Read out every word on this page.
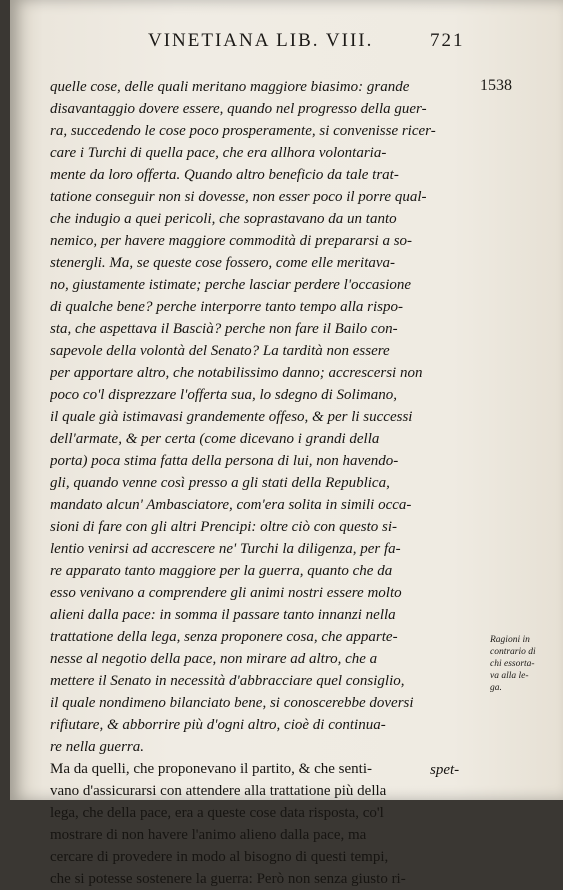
VINETIANA LIB. VIII.	721
1538

quelle cose, delle quali meritano maggiore biasimo: grande
disavantaggio dovere essere, quando nel progresso della guer-
ra, succedendo le cose poco prosperamente, si convenisse ricer-
care i Turchi di quella pace, che era allhora volontaria-
mente da loro offerta. Quando altro beneficio da tale trat-
tatione conseguir non si dovesse, non esser poco il porre qual-
che indugio a quei pericoli, che soprastavano da un tanto
nemico, per havere maggiore commodità di prepararsi a so-
stenergli. Ma, se queste cose fossero, come elle meritava-
no, giustamente istimate; perche lasciar perdere l'occasione
di qualche bene? perche interporre tanto tempo alla rispo-
sta, che aspettava il Bascià? perche non fare il Bailo con-
sapevole della volontà del Senato? La tardità non essere
per apportare altro, che notabilissimo danno; accrescersi non
poco co'l disprezzare l'offerta sua, lo sdegno di Solimano,
il quale già istimavasi grandemente offeso, & per li successi
dell'armate, & per certa (come dicevano i grandi della
porta) poca stima fatta della persona di lui, non havendo-
gli, quando venne così presso a gli stati della Republica,
mandato alcun' Ambasciatore, com'era solita in simili occa-
sioni di fare con gli altri Prencipi: oltre ciò con questo si-
lentio venirsi ad accrescere ne' Turchi la diligenza, per fa-
re apparato tanto maggiore per la guerra, quanto che da
esso venivano a comprendere gli animi nostri essere molto
alieni dalla pace: in somma il passare tanto innanzi nella
trattatione della lega, senza proponere cosa, che apparte-
nesse al negotio della pace, non mirare ad altro, che a
mettere il Senato in necessità d'abbracciare quel consiglio,
il quale nondimeno bilanciato bene, si conoscerebbe doversi
rifiutare, & abborrire più d'ogni altro, cioè di continua-
re nella guerra.

Ma da quelli, che proponevano il partito, & che senti-
vano d'assicurarsi con attendere alla trattatione più della
lega, che della pace, era a queste cose data risposta, co'l
mostrare di non havere l'animo alieno dalla pace, ma
cercare di provedere in modo al bisogno di questi tempi,
che si potesse sostenere la guerra: Però non senza giusto ri-

Ragioni in
contrario di
chi essorta-
va alla le-
ga.
spet-
